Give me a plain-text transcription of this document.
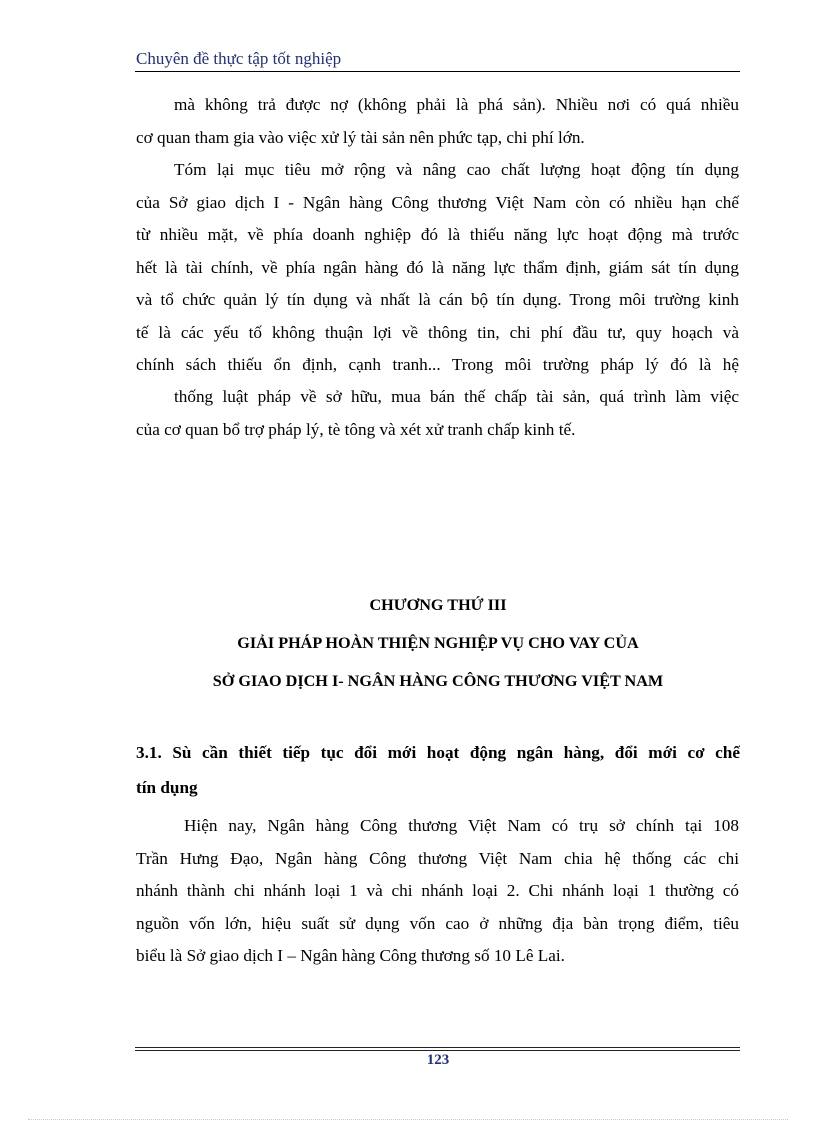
Chuyên đề thực tập tốt nghiệp
mà không trả được nợ (không phải là phá sản). Nhiều nơi có quá nhiều
cơ quan tham gia vào việc xử lý tài sản nên phức tạp, chi phí lớn.
Tóm lại mục tiêu mở rộng và nâng cao chất lượng hoạt động tín dụng
của Sở giao dịch I - Ngân hàng Công thương Việt Nam còn có nhiều hạn chế
từ nhiều mặt, về phía doanh nghiệp đó là thiếu năng lực hoạt động mà trước
hết là tài chính, về phía ngân hàng đó là năng lực thẩm định, giám sát tín dụng
và tổ chức quản lý tín dụng và nhất là cán bộ tín dụng. Trong môi trường kinh
tế là các yếu tố không thuận lợi về thông tin, chi phí đầu tư, quy hoạch và
chính sách thiếu ổn định, cạnh tranh... Trong môi trường pháp lý đó là hệ
thống luật pháp về sở hữu, mua bán thế chấp tài sản, quá trình làm việc
của cơ quan bổ trợ pháp lý, tè tông và xét xử tranh chấp kinh tế.
CHƯƠNG THỨ III
GIẢI PHÁP HOÀN THIỆN NGHIỆP VỤ CHO VAY CỦA
SỞ GIAO DỊCH I- NGÂN HÀNG CÔNG THƯƠNG VIỆT NAM
3.1. Sù cần thiết tiếp tục đổi mới hoạt động ngân hàng, đổi mới cơ chế
tín dụng
Hiện nay, Ngân hàng Công thương Việt Nam có trụ sở chính tại 108
Trần Hưng Đạo, Ngân hàng Công thương Việt Nam chia hệ thống các chi
nhánh thành chi nhánh loại 1 và chi nhánh loại 2. Chi nhánh loại 1 thường có
nguồn vốn lớn, hiệu suất sử dụng vốn cao ở những địa bàn trọng điểm, tiêu
biểu là Sở giao dịch I – Ngân hàng Công thương số 10 Lê Lai.
123
